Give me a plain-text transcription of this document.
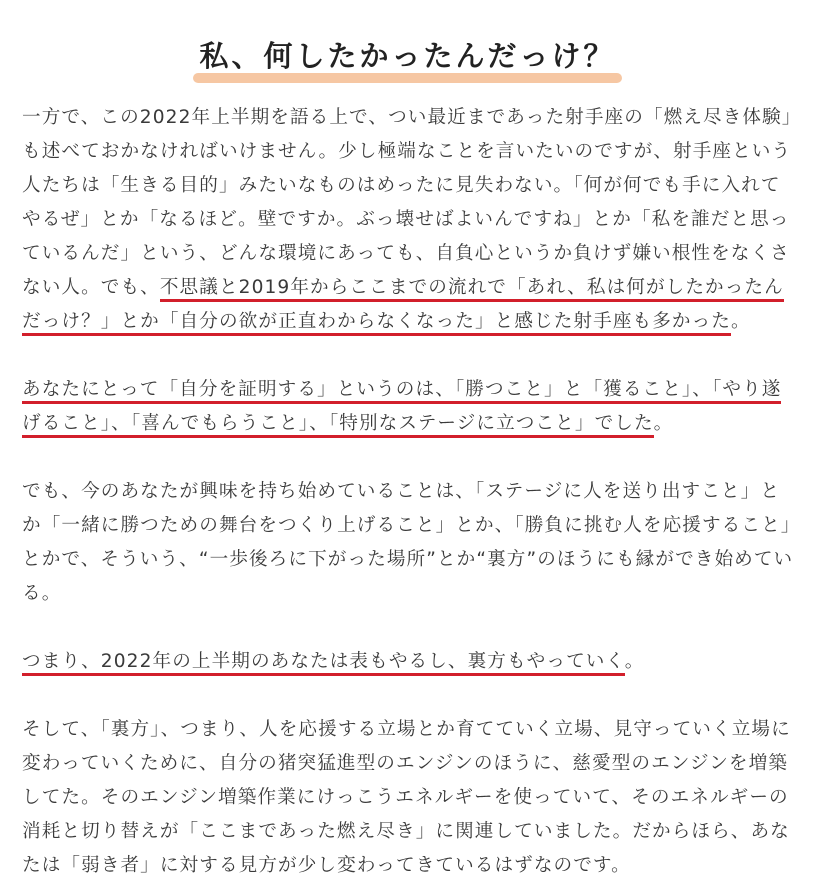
私、何したかったんだっけ？

一方で、この2022年上半期を語る上で、つい最近まであった射手座の「燃え尽き体験」も述べておかなければいけません。少し極端なことを言いたいのですが、射手座という人たちは「生きる目的」みたいなものはめったに見失わない。「何が何でも手に入れてやるぜ」とか「なるほど。壁ですか。ぶっ壊せばよいんですね」とか「私を誰だと思っているんだ」という、どんな環境にあっても、自負心というか負けず嫌い根性をなくさない人。でも、不思議と2019年からここまでの流れで「あれ、私は何がしたかったんだっけ？」とか「自分の欲が正直わからなくなった」と感じた射手座も多かった。

あなたにとって「自分を証明する」というのは、「勝つこと」と「獲ること」、「やり遂げること」、「喜んでもらうこと」、「特別なステージに立つこと」でした。

でも、今のあなたが興味を持ち始めていることは、「ステージに人を送り出すこと」とか「一緒に勝つための舞台をつくり上げること」とか、「勝負に挑む人を応援すること」とかで、そういう、“一歩後ろに下がった場所”とか“裏方”のほうにも縁ができ始めている。

つまり、2022年の上半期のあなたは表もやるし、裏方もやっていく。

そして、「裏方」、つまり、人を応援する立場とか育てていく立場、見守っていく立場に変わっていくために、自分の猪突猛進型のエンジンのほうに、慈愛型のエンジンを増築してた。そのエンジン増築作業にけっこうエネルギーを使っていて、そのエネルギーの消耗と切り替えが「ここまであった燃え尽き」に関連していました。だからほら、あなたは「弱き者」に対する見方が少し変わってきているはずなのです。
